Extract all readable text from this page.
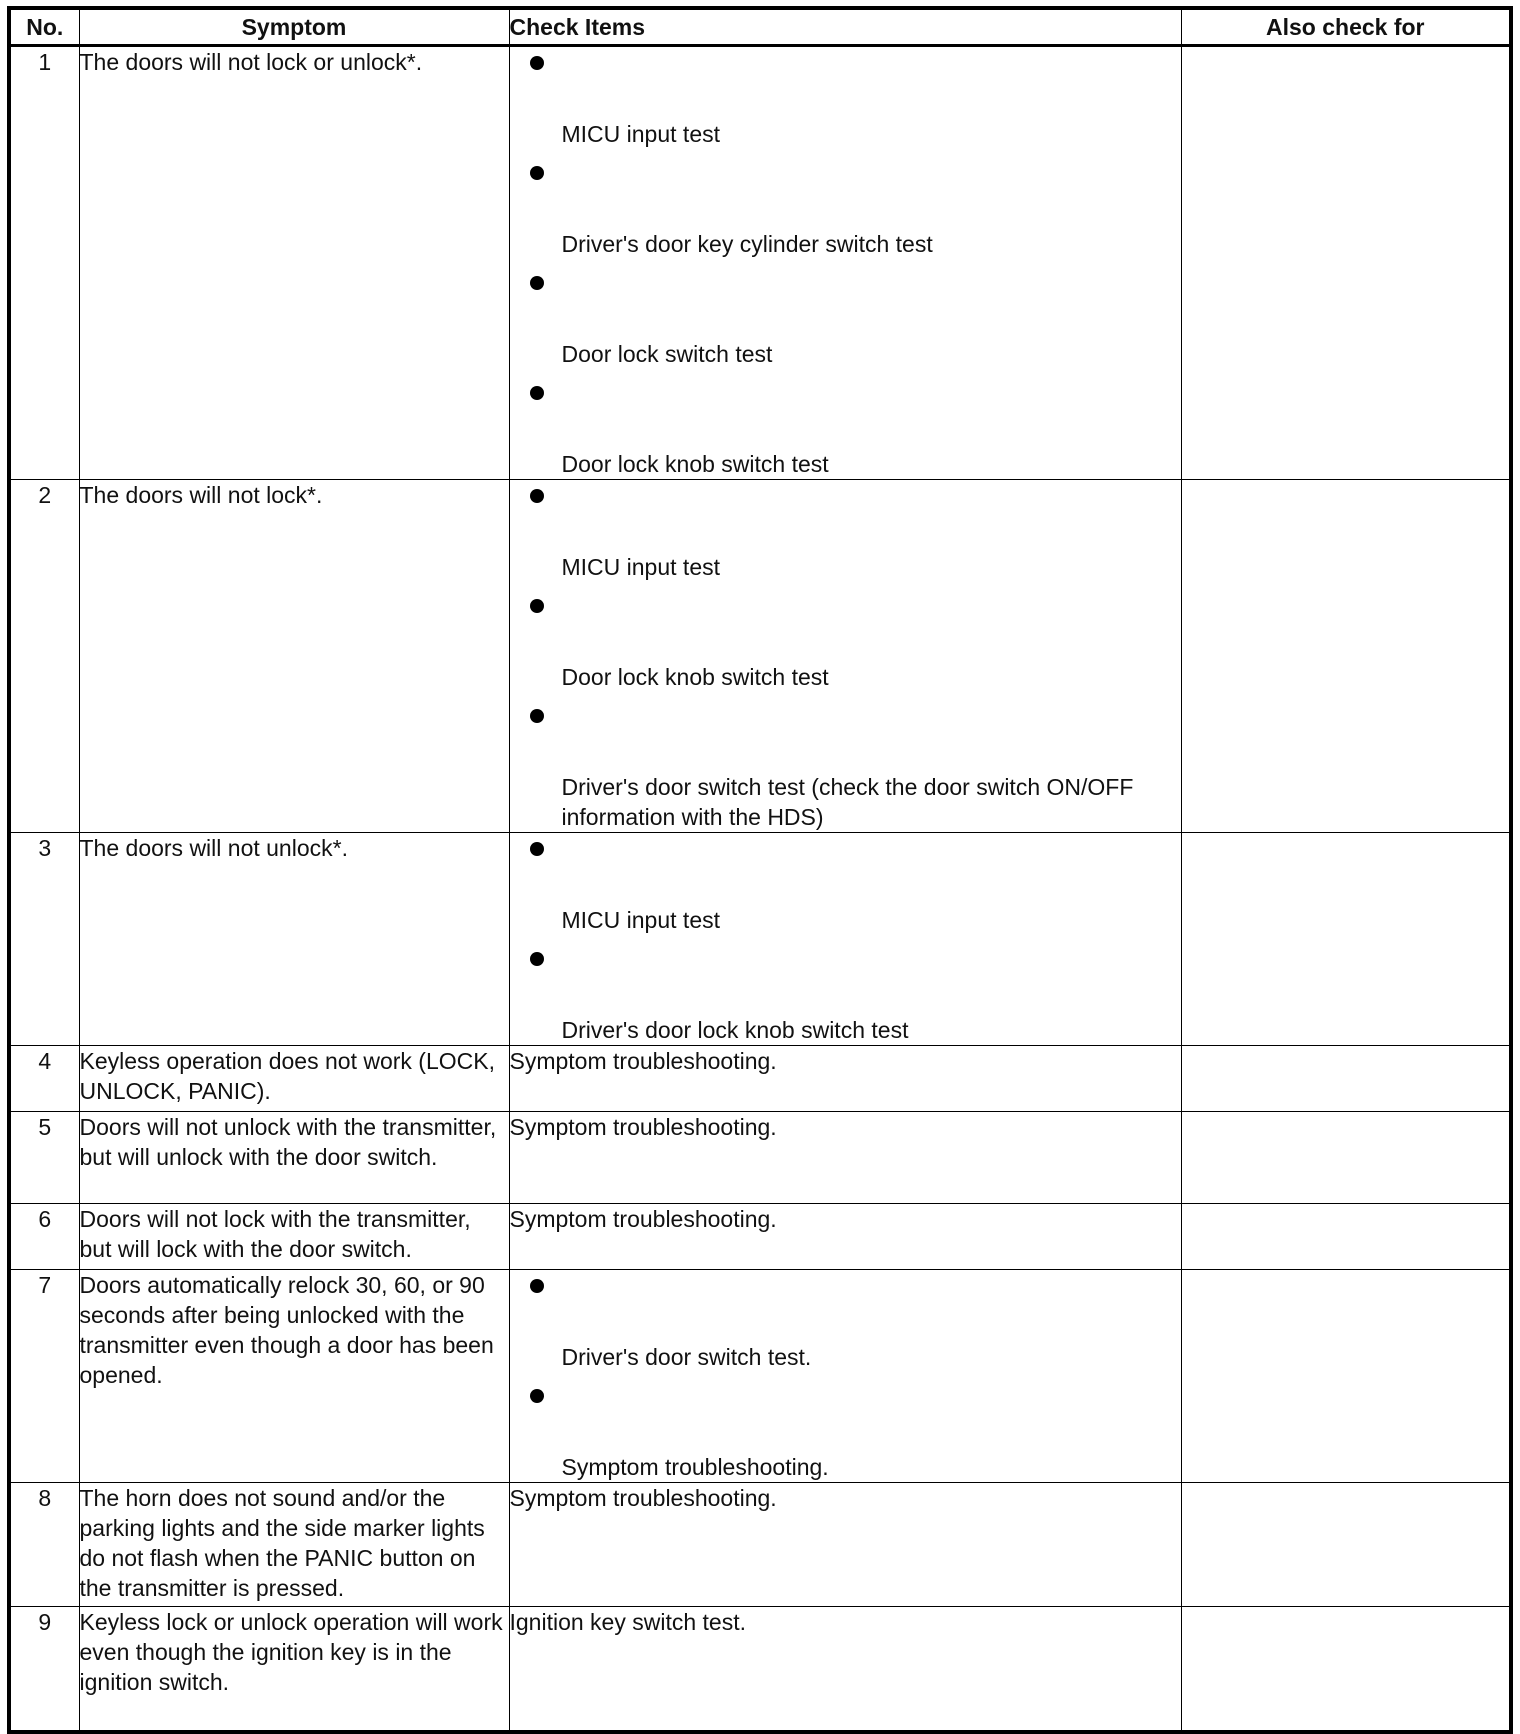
No.	Symptom	Check Items	Also check for
1	The doors will not lock or unlock*.	MICU input test
Driver's door key cylinder switch test
Door lock switch test
Door lock knob switch test	

2	The doors will not lock*.	MICU input test
Door lock knob switch test
Driver's door switch test (check the door switch ON/OFF information with the HDS)	

3	The doors will not unlock*.	MICU input test
Driver's door lock knob switch test	

4	Keyless operation does not work (LOCK, UNLOCK, PANIC).	Symptom troubleshooting.	
5	Doors will not unlock with the transmitter, but will unlock with the door switch.	Symptom troubleshooting.	
6	Doors will not lock with the transmitter, but will lock with the door switch.	Symptom troubleshooting.	
7	Doors automatically relock 30, 60, or 90 seconds after being unlocked with the transmitter even though a door has been opened.	Driver's door switch test.
Symptom troubleshooting.	

8	The horn does not sound and/or the parking lights and the side marker lights do not flash when the PANIC button on the transmitter is pressed.	Symptom troubleshooting.	
9	Keyless lock or unlock operation will work even though the ignition key is in the ignition switch.	Ignition key switch test.	
